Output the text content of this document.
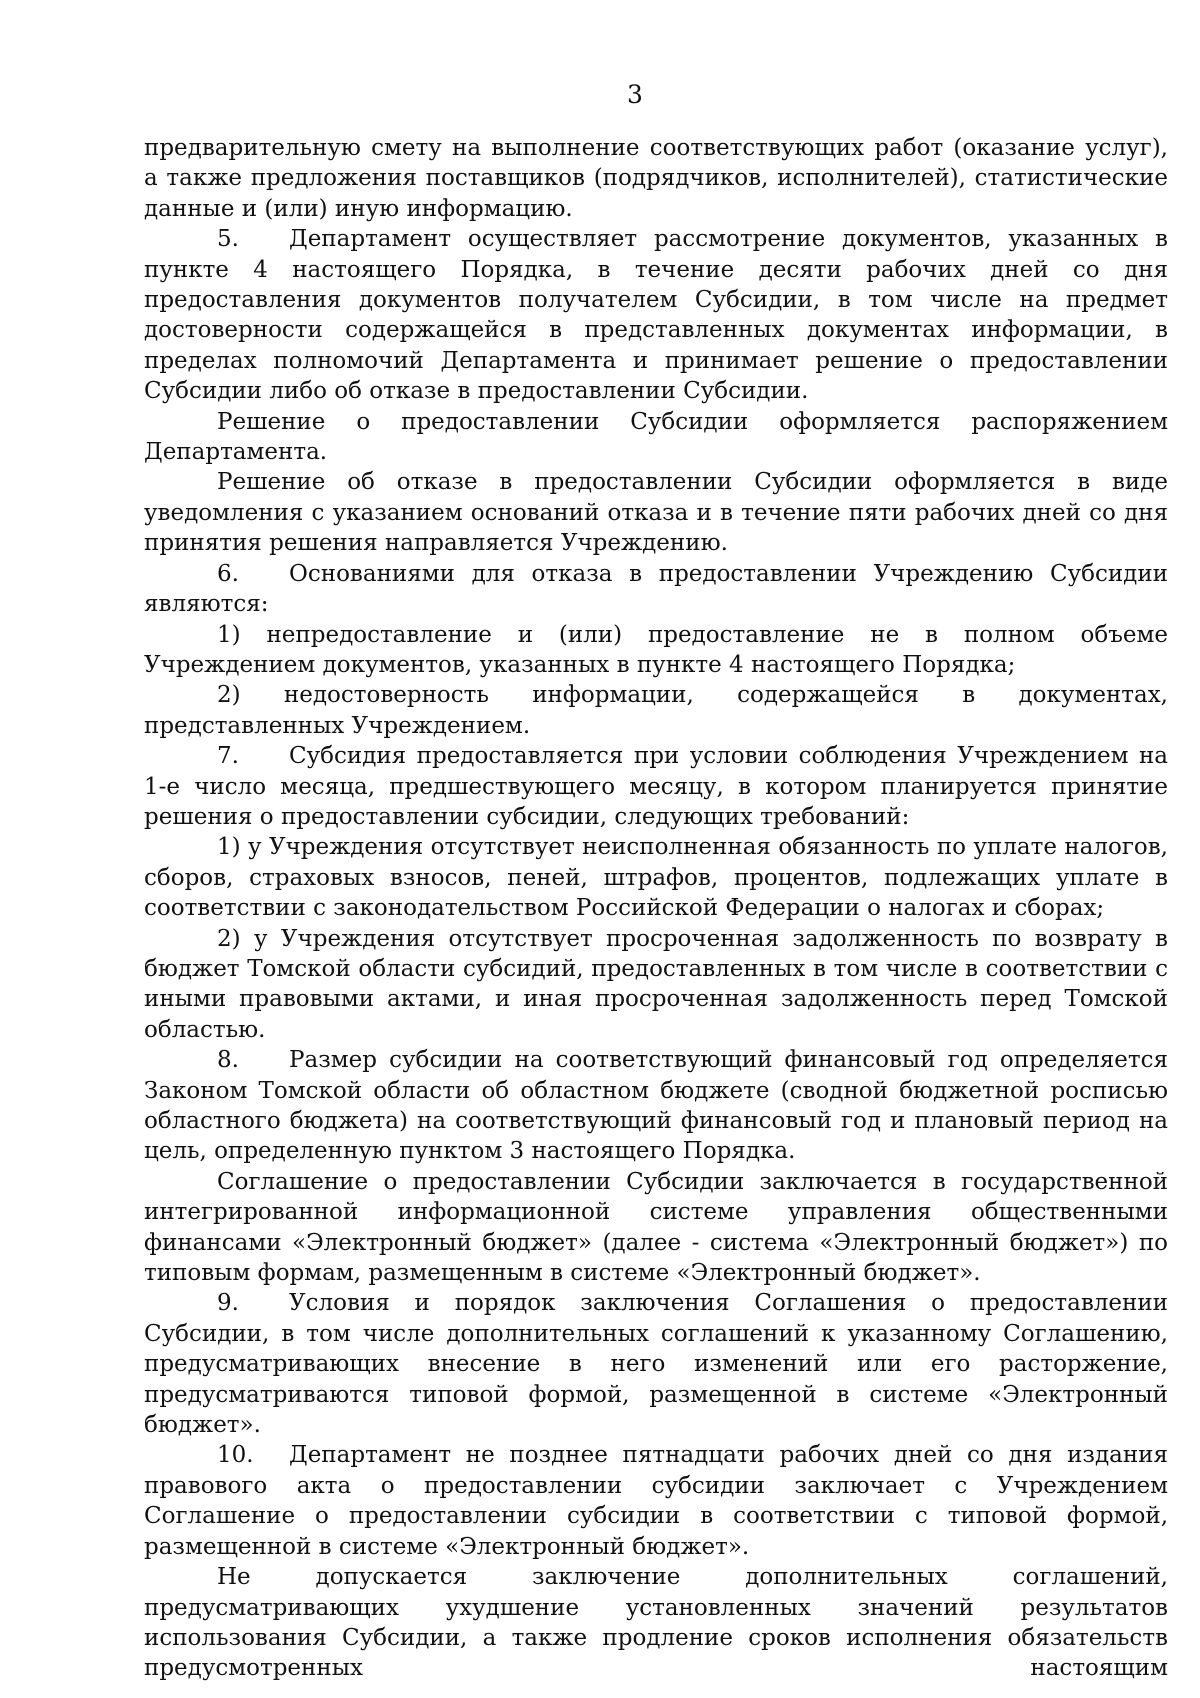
3

предварительную смету на выполнение соответствующих работ (оказание услуг), а также предложения поставщиков (подрядчиков, исполнителей), статистические данные и (или) иную информацию.

5. Департамент осуществляет рассмотрение документов, указанных в пункте 4 настоящего Порядка, в течение десяти рабочих дней со дня предоставления документов получателем Субсидии, в том числе на предмет достоверности содержащейся в представленных документах информации, в пределах полномочий Департамента и принимает решение о предоставлении Субсидии либо об отказе в предоставлении Субсидии.

Решение о предоставлении Субсидии оформляется распоряжением Департамента.

Решение об отказе в предоставлении Субсидии оформляется в виде уведомления с указанием оснований отказа и в течение пяти рабочих дней со дня принятия решения направляется Учреждению.

6. Основаниями для отказа в предоставлении Учреждению Субсидии являются:

1) непредоставление и (или) предоставление не в полном объеме Учреждением документов, указанных в пункте 4 настоящего Порядка;

2) недостоверность информации, содержащейся в документах, представленных Учреждением.

7. Субсидия предоставляется при условии соблюдения Учреждением на 1-е число месяца, предшествующего месяцу, в котором планируется принятие решения о предоставлении субсидии, следующих требований:

1) у Учреждения отсутствует неисполненная обязанность по уплате налогов, сборов, страховых взносов, пеней, штрафов, процентов, подлежащих уплате в соответствии с законодательством Российской Федерации о налогах и сборах;

2) у Учреждения отсутствует просроченная задолженность по возврату в бюджет Томской области субсидий, предоставленных в том числе в соответствии с иными правовыми актами, и иная просроченная задолженность перед Томской областью.

8. Размер субсидии на соответствующий финансовый год определяется Законом Томской области об областном бюджете (сводной бюджетной росписью областного бюджета) на соответствующий финансовый год и плановый период на цель, определенную пунктом 3 настоящего Порядка.

Соглашение о предоставлении Субсидии заключается в государственной интегрированной информационной системе управления общественными финансами «Электронный бюджет» (далее - система «Электронный бюджет») по типовым формам, размещенным в системе «Электронный бюджет».

9. Условия и порядок заключения Соглашения о предоставлении Субсидии, в том числе дополнительных соглашений к указанному Соглашению, предусматривающих внесение в него изменений или его расторжение, предусматриваются типовой формой, размещенной в системе «Электронный бюджет».

10. Департамент не позднее пятнадцати рабочих дней со дня издания правового акта о предоставлении субсидии заключает с Учреждением Соглашение о предоставлении субсидии в соответствии с типовой формой, размещенной в системе «Электронный бюджет».

Не допускается заключение дополнительных соглашений, предусматривающих ухудшение установленных значений результатов использования Субсидии, а также продление сроков исполнения обязательств предусмотренных настоящим
